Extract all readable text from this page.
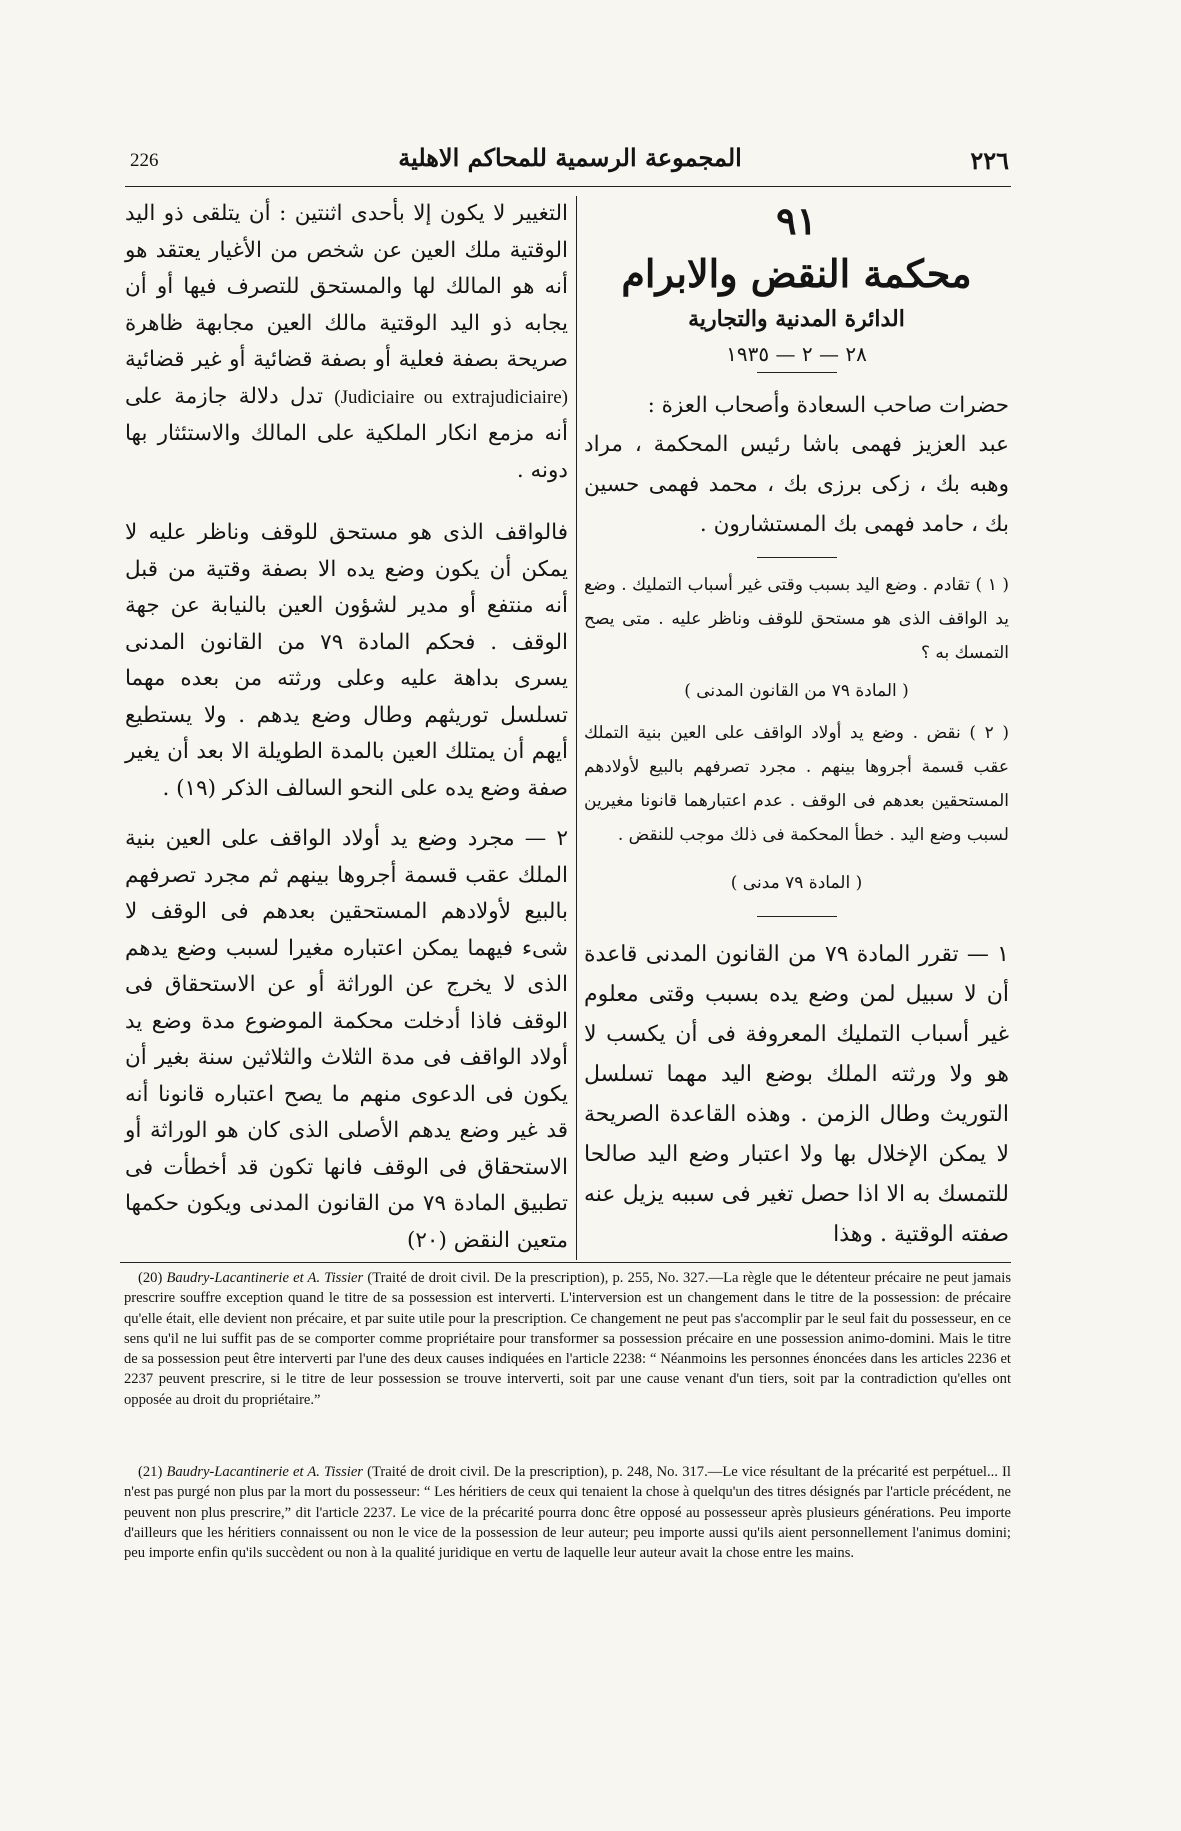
226	المجموعة الرسمية للمحاكم الاهلية	٢٢٦
٩١
محكمة النقض والابرام
الدائرة المدنية والتجارية
٢٨ — ٢ — ١٩٣٥

حضرات صاحب السعادة وأصحاب العزة :

عبد العزيز فهمى باشا رئيس المحكمة ، مراد وهبه بك ، زكى برزى بك ، محمد فهمى حسين بك ، حامد فهمى بك المستشارون .

( ١ ) تقادم . وضع اليد بسبب وقتى غير أسباب التمليك . وضع يد الواقف الذى هو مستحق للوقف وناظر عليه . متى يصح التمسك به ؟

( المادة ٧٩ من القانون المدنى )

( ٢ ) نقض . وضع يد أولاد الواقف على العين بنية التملك عقب قسمة أجروها بينهم . مجرد تصرفهم بالبيع لأولادهم المستحقين بعدهم فى الوقف . عدم اعتبارهما قانونا مغيرين لسبب وضع اليد . خطأ المحكمة فى ذلك موجب للنقض .

( المادة ٧٩ مدنى )

١ — تقرر المادة ٧٩ من القانون المدنى قاعدة أن لا سبيل لمن وضع يده بسبب وقتى معلوم غير أسباب التمليك المعروفة فى أن يكسب لا هو ولا ورثته الملك بوضع اليد مهما تسلسل التوريث وطال الزمن . وهذه القاعدة الصريحة لا يمكن الإخلال بها ولا اعتبار وضع اليد صالحا للتمسك به الا اذا حصل تغير فى سببه يزيل عنه صفته الوقتية . وهذا

التغيير لا يكون إلا بأحدى اثنتين : أن يتلقى ذو اليد الوقتية ملك العين عن شخص من الأغيار يعتقد هو أنه هو المالك لها والمستحق للتصرف فيها أو أن يجابه ذو اليد الوقتية مالك العين مجابهة ظاهرة صريحة بصفة فعلية أو بصفة قضائية أو غير قضائية (Judiciaire ou extrajudiciaire) تدل دلالة جازمة على أنه مزمع انكار الملكية على المالك والاستئثار بها دونه .

فالواقف الذى هو مستحق للوقف وناظر عليه لا يمكن أن يكون وضع يده الا بصفة وقتية من قبل أنه منتفع أو مدير لشؤون العين بالنيابة عن جهة الوقف . فحكم المادة ٧٩ من القانون المدنى يسرى بداهة عليه وعلى ورثته من بعده مهما تسلسل توريثهم وطال وضع يدهم . ولا يستطيع أيهم أن يمتلك العين بالمدة الطويلة الا بعد أن يغير صفة وضع يده على النحو السالف الذكر (١٩) .

٢ — مجرد وضع يد أولاد الواقف على العين بنية الملك عقب قسمة أجروها بينهم ثم مجرد تصرفهم بالبيع لأولادهم المستحقين بعدهم فى الوقف لا شىء فيهما يمكن اعتباره مغيرا لسبب وضع يدهم الذى لا يخرج عن الوراثة أو عن الاستحقاق فى الوقف فاذا أدخلت محكمة الموضوع مدة وضع يد أولاد الواقف فى مدة الثلاث والثلاثين سنة بغير أن يكون فى الدعوى منهم ما يصح اعتباره قانونا أنه قد غير وضع يدهم الأصلى الذى كان هو الوراثة أو الاستحقاق فى الوقف فانها تكون قد أخطأت فى تطبيق المادة ٧٩ من القانون المدنى ويكون حكمها متعين النقض (٢٠)

(20) Baudry-Lacantinerie et A. Tissier (Traité de droit civil. De la prescription), p. 255, No. 327.—La règle que le détenteur précaire ne peut jamais prescrire souffre exception quand le titre de sa possession est interverti. L'interversion est un changement dans le titre de la possession: de précaire qu'elle était, elle devient non précaire, et par suite utile pour la prescription. Ce changement ne peut pas s'accomplir par le seul fait du possesseur, en ce sens qu'il ne lui suffit pas de se comporter comme propriétaire pour transformer sa possession précaire en une possession animo-domini. Mais le titre de sa possession peut être interverti par l'une des deux causes indiquées en l'article 2238: “ Néanmoins les personnes énoncées dans les articles 2236 et 2237 peuvent prescrire, si le titre de leur possession se trouve interverti, soit par une cause venant d'un tiers, soit par la contradiction qu'elles ont opposée au droit du propriétaire.”
(21) Baudry-Lacantinerie et A. Tissier (Traité de droit civil. De la prescription), p. 248, No. 317.—Le vice résultant de la précarité est perpétuel... Il n'est pas purgé non plus par la mort du possesseur: “ Les héritiers de ceux qui tenaient la chose à quelqu'un des titres désignés par l'article précédent, ne peuvent non plus prescrire,” dit l'article 2237. Le vice de la précarité pourra donc être opposé au possesseur après plusieurs générations. Peu importe d'ailleurs que les héritiers connaissent ou non le vice de la possession de leur auteur; peu importe aussi qu'ils aient personnellement l'animus domini; peu importe enfin qu'ils succèdent ou non à la qualité juridique en vertu de laquelle leur auteur avait la chose entre les mains.
